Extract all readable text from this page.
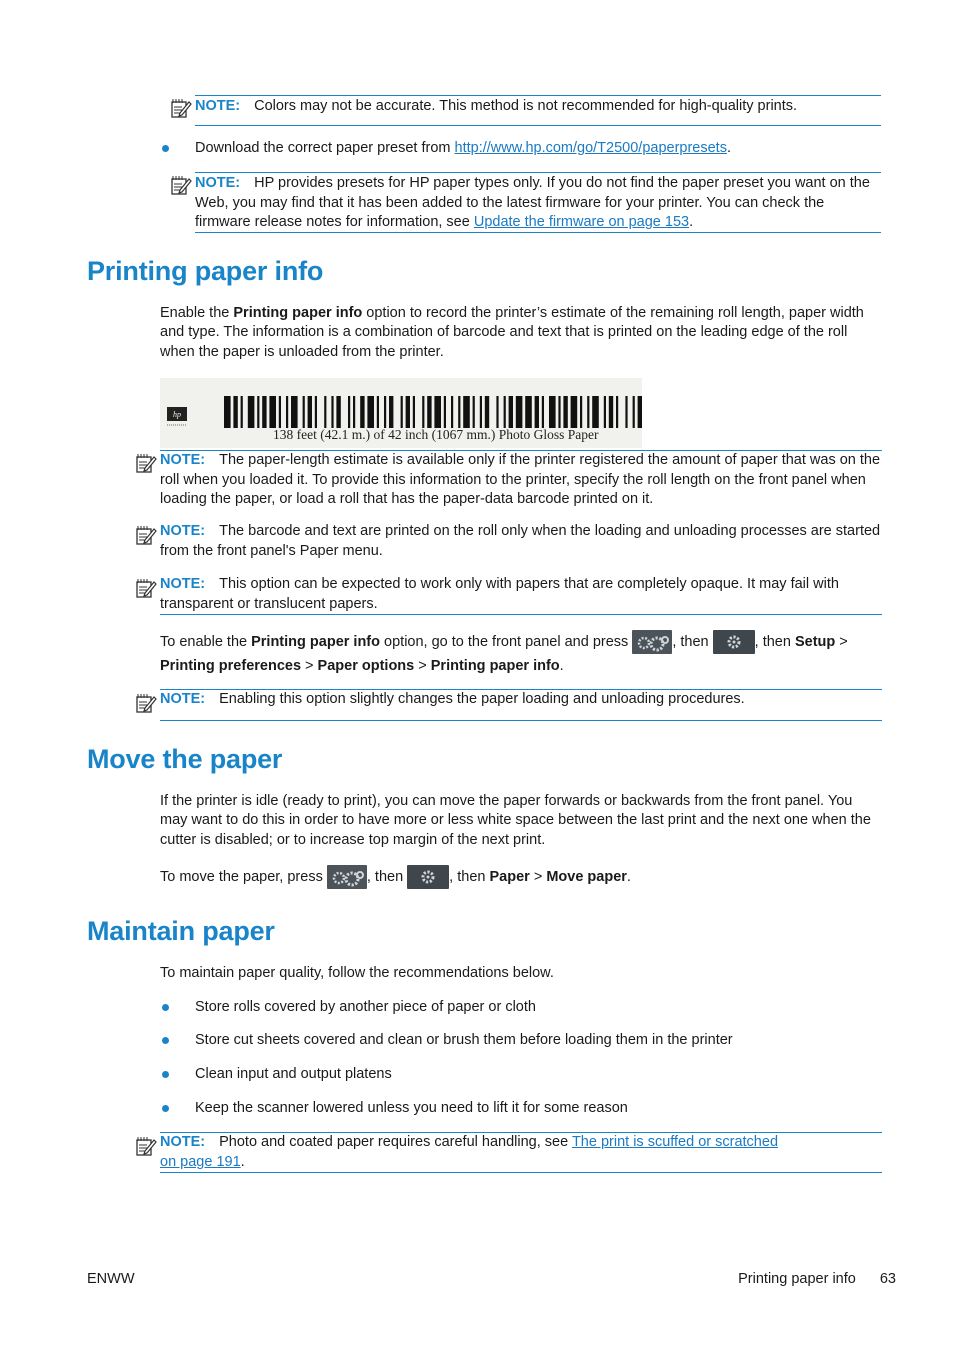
NOTE: Colors may not be accurate. This method is not recommended for high-quality prints.
Download the correct paper preset from http://www.hp.com/go/T2500/paperpresets.
NOTE: HP provides presets for HP paper types only. If you do not find the paper preset you want on the Web, you may find that it has been added to the latest firmware for your printer. You can check the firmware release notes for information, see Update the firmware on page 153.
Printing paper info
Enable the Printing paper info option to record the printer’s estimate of the remaining roll length, paper width and type. The information is a combination of barcode and text that is printed on the leading edge of the roll when the paper is unloaded from the printer.
hp
138 feet (42.1 m.) of 42 inch (1067 mm.) Photo Gloss Paper
NOTE: The paper-length estimate is available only if the printer registered the amount of paper that was on the roll when you loaded it. To provide this information to the printer, specify the roll length on the front panel when loading the paper, or load a roll that has the paper-data barcode printed on it.
NOTE: The barcode and text are printed on the roll only when the loading and unloading processes are started from the front panel's Paper menu.
NOTE: This option can be expected to work only with papers that are completely opaque. It may fail with transparent or translucent papers.
To enable the Printing paper info option, go to the front panel and press	, then	, then Setup >
Printing preferences > Paper options > Printing paper info.
NOTE: Enabling this option slightly changes the paper loading and unloading procedures.
Move the paper
If the printer is idle (ready to print), you can move the paper forwards or backwards from the front panel. You may want to do this in order to have more or less white space between the last print and the next one when the cutter is disabled; or to increase top margin of the next print.
To move the paper, press	, then	, then Paper > Move paper.
Maintain paper
To maintain paper quality, follow the recommendations below.
Store rolls covered by another piece of paper or cloth
Store cut sheets covered and clean or brush them before loading them in the printer
Clean input and output platens
Keep the scanner lowered unless you need to lift it for some reason
NOTE: Photo and coated paper requires careful handling, see The print is scuffed or scratched
on page 191.
ENWW	Printing paper info 63
